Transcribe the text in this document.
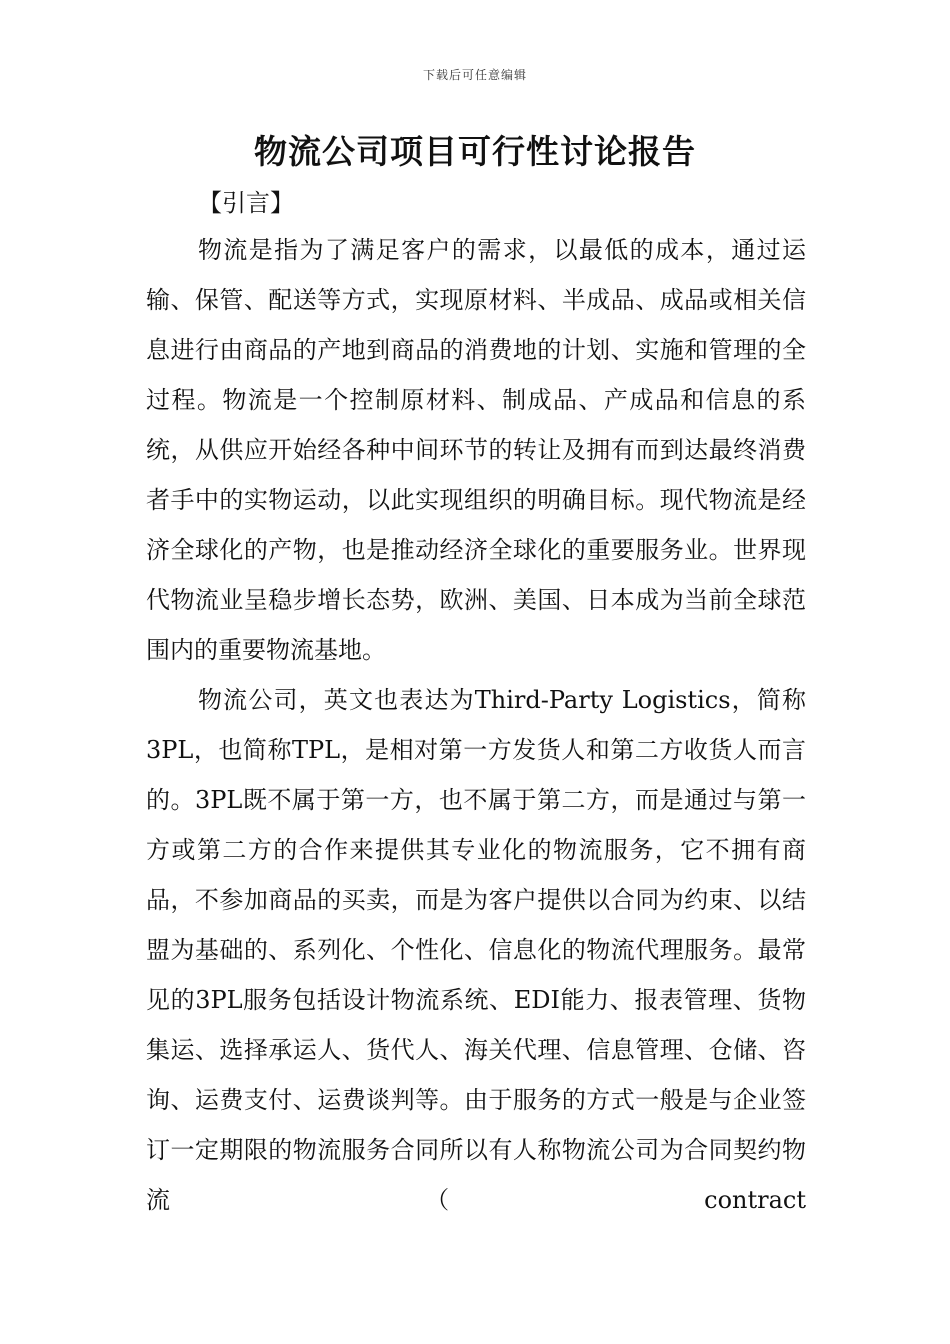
下载后可任意编辑
物流公司项目可行性讨论报告
【引言】

物流是指为了满足客户的需求，以最低的成本，通过运输、保管、配送等方式，实现原材料、半成品、成品或相关信息进行由商品的产地到商品的消费地的计划、实施和管理的全过程。物流是一个控制原材料、制成品、产成品和信息的系统，从供应开始经各种中间环节的转让及拥有而到达最终消费者手中的实物运动，以此实现组织的明确目标。现代物流是经济全球化的产物，也是推动经济全球化的重要服务业。世界现代物流业呈稳步增长态势，欧洲、美国、日本成为当前全球范围内的重要物流基地。

物流公司，英文也表达为Third-Party Logistics，简称3PL，也简称TPL，是相对第一方发货人和第二方收货人而言的。3PL既不属于第一方，也不属于第二方，而是通过与第一方或第二方的合作来提供其专业化的物流服务，它不拥有商品，不参加商品的买卖，而是为客户提供以合同为约束、以结盟为基础的、系列化、个性化、信息化的物流代理服务。最常见的3PL服务包括设计物流系统、EDI能力、报表管理、货物集运、选择承运人、货代人、海关代理、信息管理、仓储、咨询、运费支付、运费谈判等。由于服务的方式一般是与企业签订一定期限的物流服务合同所以有人称物流公司为合同契约物流（contract
